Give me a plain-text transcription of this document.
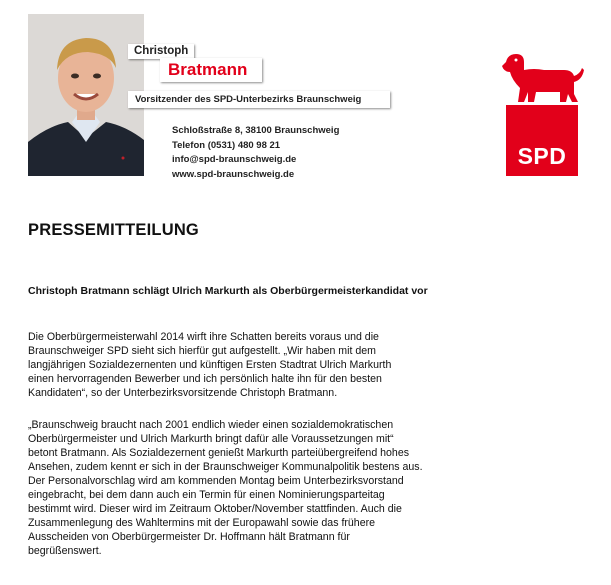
Christoph
Bratmann
Vorsitzender des SPD-Unterbezirks Braunschweig
Schloßstraße 8, 38100 Braunschweig
Telefon (0531) 480 98 21
info@spd-braunschweig.de
www.spd-braunschweig.de
SPD
PRESSEMITTEILUNG
Christoph Bratmann schlägt Ulrich Markurth als Oberbürgermeisterkandidat vor
Die Oberbürgermeisterwahl 2014 wirft ihre Schatten bereits voraus und die
Braunschweiger SPD sieht sich hierfür gut aufgestellt. „Wir haben mit dem
langjährigen Sozialdezernenten und künftigen Ersten Stadtrat Ulrich Markurth
einen hervorragenden Bewerber und ich persönlich halte ihn für den besten
Kandidaten“, so der Unterbezirksvorsitzende Christoph Bratmann.
„Braunschweig braucht nach 2001 endlich wieder einen sozialdemokratischen
Oberbürgermeister und Ulrich Markurth bringt dafür alle Voraussetzungen mit“
betont Bratmann. Als Sozialdezernent genießt Markurth parteiübergreifend hohes
Ansehen, zudem kennt er sich in der Braunschweiger Kommunalpolitik bestens aus.
Der Personalvorschlag wird am kommenden Montag beim Unterbezirksvorstand
eingebracht, bei dem dann auch ein Termin für einen Nominierungsparteitag
bestimmt wird. Dieser wird im Zeitraum Oktober/November stattfinden. Auch die
Zusammenlegung des Wahltermins mit der Europawahl sowie das frühere
Ausscheiden von Oberbürgermeister Dr. Hoffmann hält Bratmann für
begrüßenswert.
